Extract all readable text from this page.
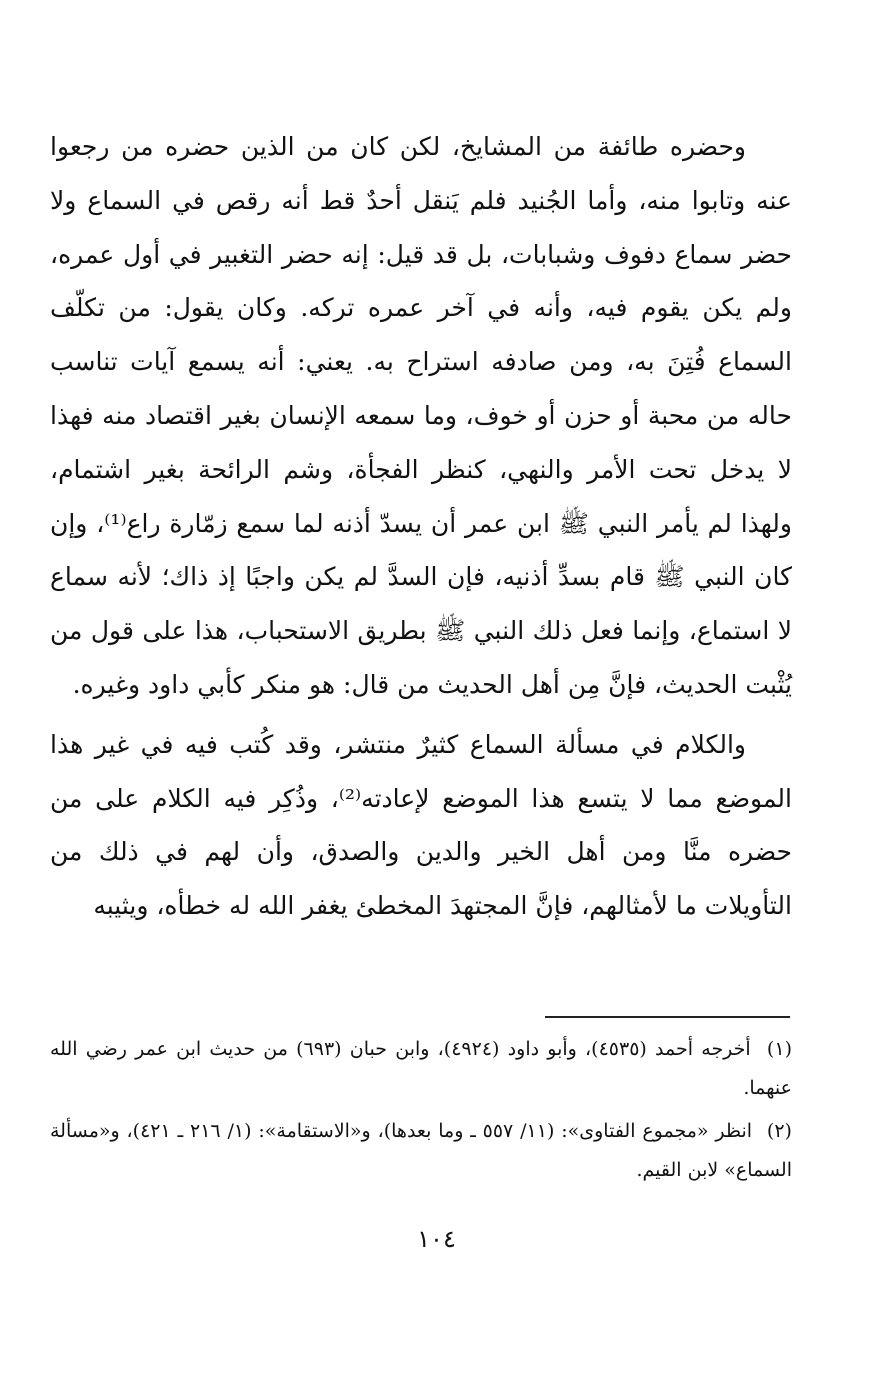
وحضره طائفة من المشايخ، لكن كان من الذين حضره من رجعوا عنه وتابوا منه، وأما الجُنيد فلم يَنقل أحدٌ قط أنه رقص في السماع ولا حضر سماع دفوف وشبابات، بل قد قيل: إنه حضر التغبير في أول عمره، ولم يكن يقوم فيه، وأنه في آخر عمره تركه. وكان يقول: من تكلّف السماع فُتِنَ به، ومن صادفه استراح به. يعني: أنه يسمع آيات تناسب حاله من محبة أو حزن أو خوف، وما سمعه الإنسان بغير اقتصاد منه فهذا لا يدخل تحت الأمر والنهي، كنظر الفجأة، وشم الرائحة بغير اشتمام، ولهذا لم يأمر النبي ﷺ ابن عمر أن يسدّ أذنه لما سمع زمّارة راع⁽¹⁾، وإن كان النبي ﷺ قام بسدِّ أذنيه، فإن السدَّ لم يكن واجبًا إذ ذاك؛ لأنه سماع لا استماع، وإنما فعل ذلك النبي ﷺ بطريق الاستحباب، هذا على قول من يُثْبت الحديث، فإنَّ مِن أهل الحديث من قال: هو منكر كأبي داود وغيره.

والكلام في مسألة السماع كثيرٌ منتشر، وقد كُتب فيه في غير هذا الموضع مما لا يتسع هذا الموضع لإعادته⁽²⁾، وذُكِر فيه الكلام على من حضره منَّا ومن أهل الخير والدين والصدق، وأن لهم في ذلك من التأويلات ما لأمثالهم، فإنَّ المجتهدَ المخطئ يغفر الله له خطأه، ويثيبه

(١) أخرجه أحمد (٤٥٣٥)، وأبو داود (٤٩٢٤)، وابن حبان (٦٩٣) من حديث ابن عمر رضي الله عنهما.

(٢) انظر «مجموع الفتاوى»: (١١/ ٥٥٧ ـ وما بعدها)، و«الاستقامة»: (١/ ٢١٦ ـ ٤٢١)، و«مسألة السماع» لابن القيم.

١٠٤
